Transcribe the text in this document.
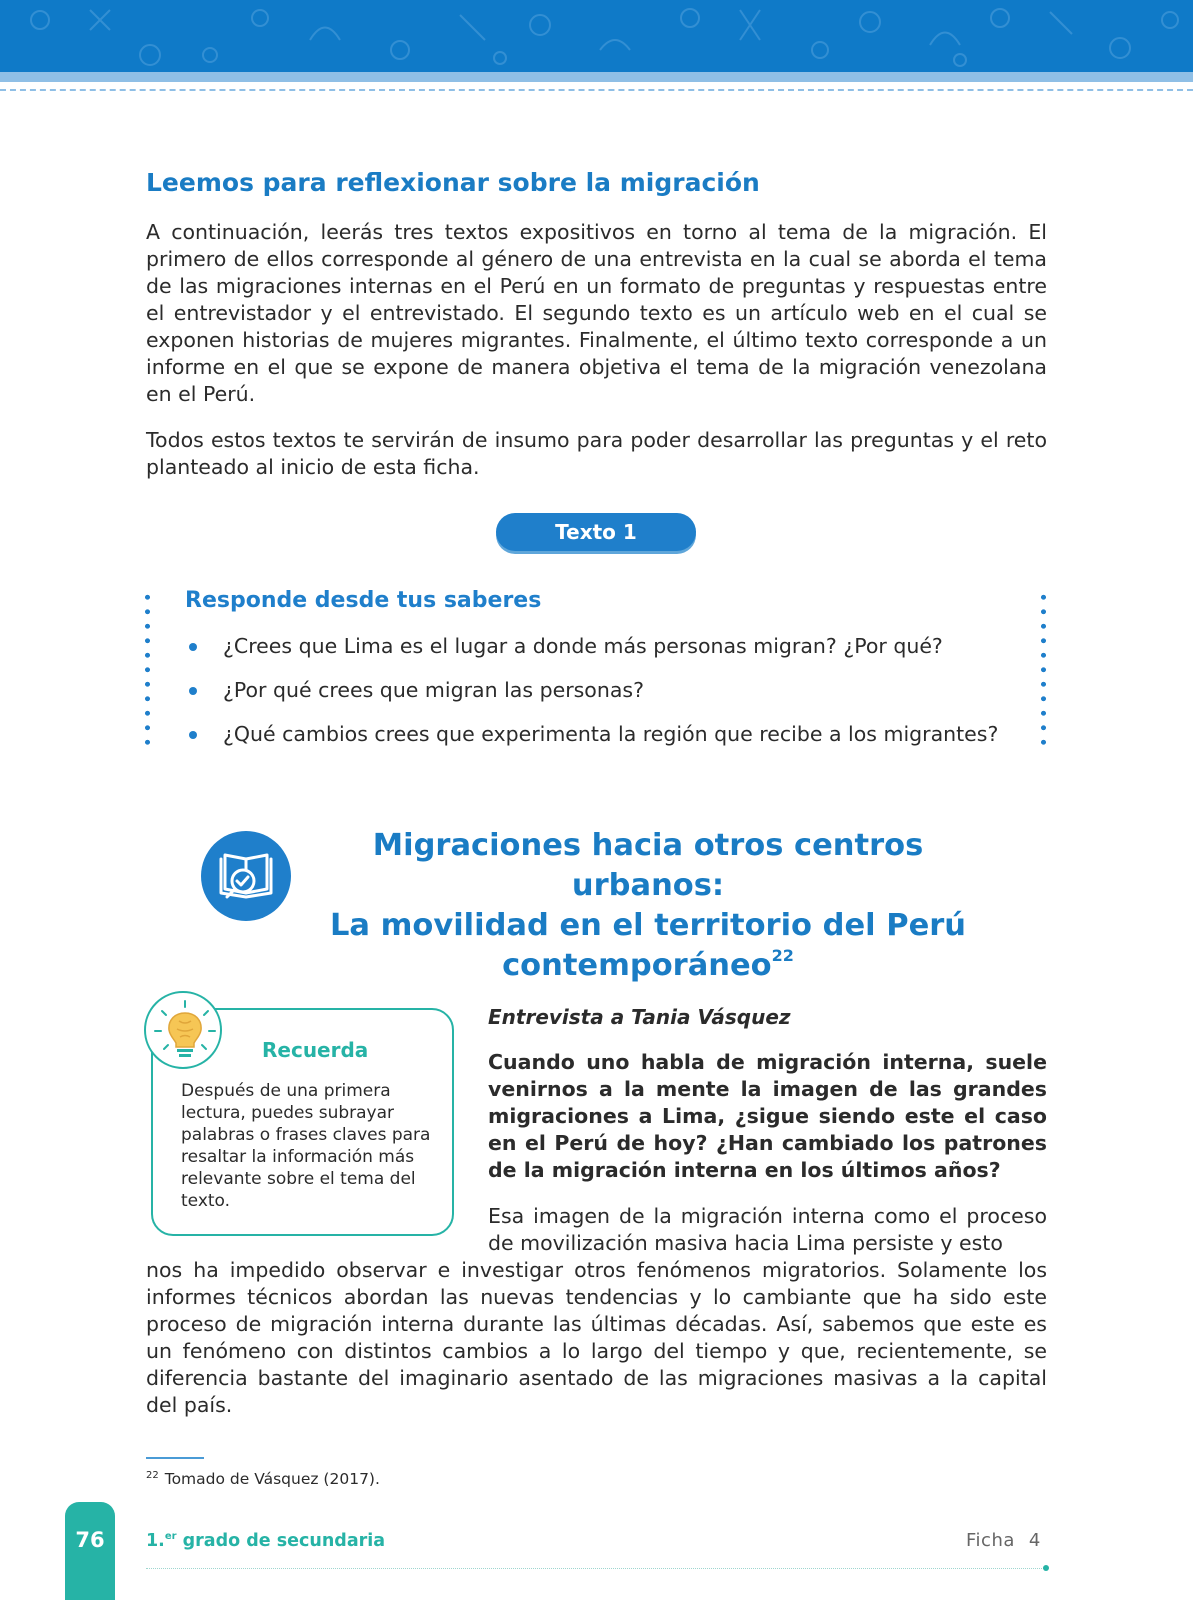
Leemos para reflexionar sobre la migración

A continuación, leerás tres textos expositivos en torno al tema de la migración. El primero de ellos corresponde al género de una entrevista en la cual se aborda el tema de las migraciones internas en el Perú en un formato de preguntas y respuestas entre el entrevistador y el entrevistado. El segundo texto es un artículo web en el cual se exponen historias de mujeres migrantes. Finalmente, el último texto corresponde a un informe en el que se expone de manera objetiva el tema de la migración venezolana en el Perú.

Todos estos textos te servirán de insumo para poder desarrollar las preguntas y el reto planteado al inicio de esta ficha.

Texto 1
Responde desde tus saberes
¿Crees que Lima es el lugar a donde más personas migran? ¿Por qué?
¿Por qué crees que migran las personas?
¿Qué cambios crees que experimenta la región que recibe a los migrantes?
Migraciones hacia otros centros urbanos:
La movilidad en el territorio del Perú
contemporáneo$^{22}$
Recuerda

Después de una primera lectura, puedes subrayar palabras o frases claves para resaltar la información más relevante sobre el tema del texto.

Entrevista a Tania Vásquez

Cuando uno habla de migración interna, suele venirnos a la mente la imagen de las grandes migraciones a Lima, ¿sigue siendo este el caso en el Perú de hoy? ¿Han cambiado los patrones de la migración interna en los últimos años?

Esa imagen de la migración interna como el proceso de movilización masiva hacia Lima persiste y esto

nos ha impedido observar e investigar otros fenómenos migratorios. Solamente los informes técnicos abordan las nuevas tendencias y lo cambiante que ha sido este proceso de migración interna durante las últimas décadas. Así, sabemos que este es un fenómeno con distintos cambios a lo largo del tiempo y que, recientemente, se diferencia bastante del imaginario asentado de las migraciones masivas a la capital del país.

$^{22}$ Tomado de Vásquez (2017).

76	1.$^{er}$ grado de secundaria	Ficha 4
